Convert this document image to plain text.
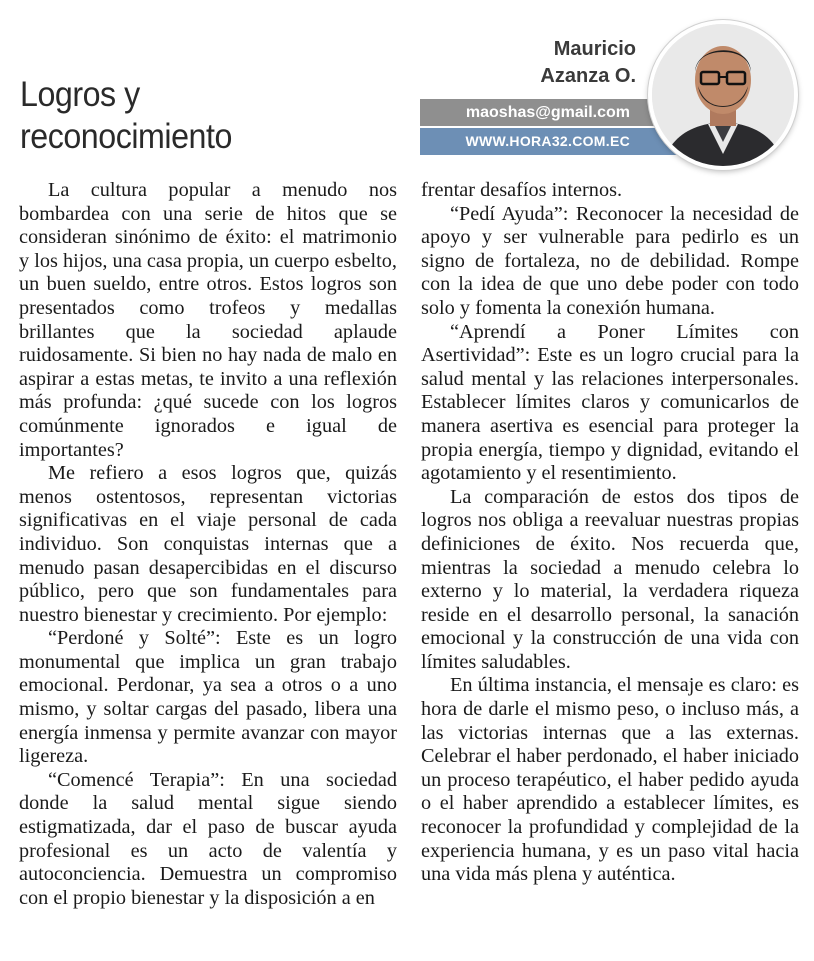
Logros y reconocimiento
Mauricio Azanza O.
maoshas@gmail.com
WWW.HORA32.COM.EC

La cultura popular a menudo nos bombardea con una serie de hitos que se consideran sinónimo de éxito: el matrimonio y los hijos, una casa propia, un cuerpo esbelto, un buen sueldo, entre otros. Estos logros son presentados como trofeos y medallas brillantes que la sociedad aplaude ruidosamente. Si bien no hay nada de malo en aspirar a estas metas, te invito a una reflexión más profunda: ¿qué sucede con los logros comúnmente ignorados e igual de importantes?

Me refiero a esos logros que, quizás menos ostentosos, representan victorias significativas en el viaje personal de cada individuo. Son conquistas internas que a menudo pasan desapercibidas en el discurso público, pero que son fundamentales para nuestro bienestar y crecimiento. Por ejemplo:

“Perdoné y Solté”: Este es un logro monumental que implica un gran trabajo emocional. Perdonar, ya sea a otros o a uno mismo, y soltar cargas del pasado, libera una energía inmensa y permite avanzar con mayor ligereza.

“Comencé Terapia”: En una sociedad donde la salud mental sigue siendo estigmatizada, dar el paso de buscar ayuda profesional es un acto de valentía y autoconciencia. Demuestra un compromiso con el propio bienestar y la disposición a en

frentar desafíos internos.

“Pedí Ayuda”: Reconocer la necesidad de apoyo y ser vulnerable para pedirlo es un signo de fortaleza, no de debilidad. Rompe con la idea de que uno debe poder con todo solo y fomenta la conexión humana.

“Aprendí a Poner Límites con Asertividad”: Este es un logro crucial para la salud mental y las relaciones interpersonales. Establecer límites claros y comunicarlos de manera asertiva es esencial para proteger la propia energía, tiempo y dignidad, evitando el agotamiento y el resentimiento.

La comparación de estos dos tipos de logros nos obliga a reevaluar nuestras propias definiciones de éxito. Nos recuerda que, mientras la sociedad a menudo celebra lo externo y lo material, la verdadera riqueza reside en el desarrollo personal, la sanación emocional y la construcción de una vida con límites saludables.

En última instancia, el mensaje es claro: es hora de darle el mismo peso, o incluso más, a las victorias internas que a las externas. Celebrar el haber perdonado, el haber iniciado un proceso terapéutico, el haber pedido ayuda o el haber aprendido a establecer límites, es reconocer la profundidad y complejidad de la experiencia humana, y es un paso vital hacia una vida más plena y auténtica.
